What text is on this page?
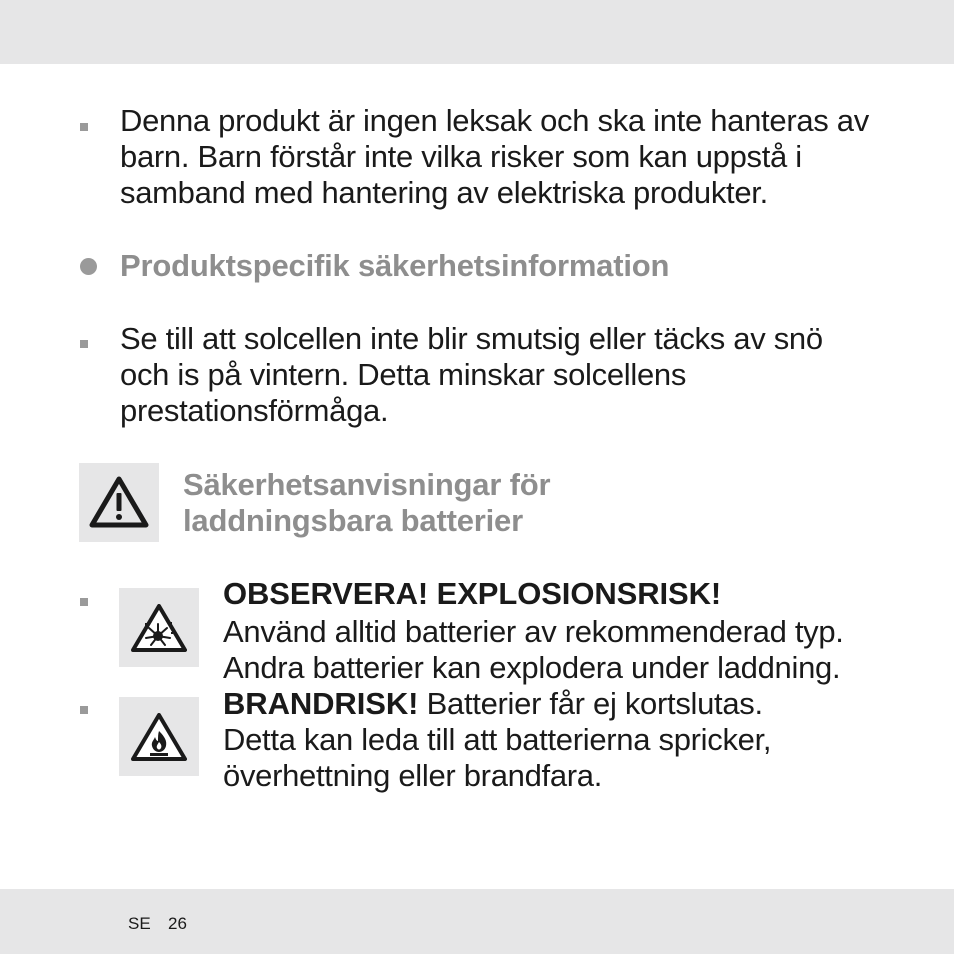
Denna produkt är ingen leksak och ska inte hanteras av barn. Barn förstår inte vilka risker som kan uppstå i samband med hantering av elektriska produkter.
Produktspecifik säkerhetsinformation
Se till att solcellen inte blir smutsig eller täcks av snö och is på vintern. Detta minskar solcellens prestationsförmåga.
Säkerhetsanvisningar för
laddningsbara batterier
OBSERVERA! EXPLOSIONSRISK!
Använd alltid batterier av rekommenderad typ.
Andra batterier kan explodera under laddning.
BRANDRISK! Batterier får ej kortslutas.
Detta kan leda till att batterierna spricker,
överhettning eller brandfara.
SE 26
